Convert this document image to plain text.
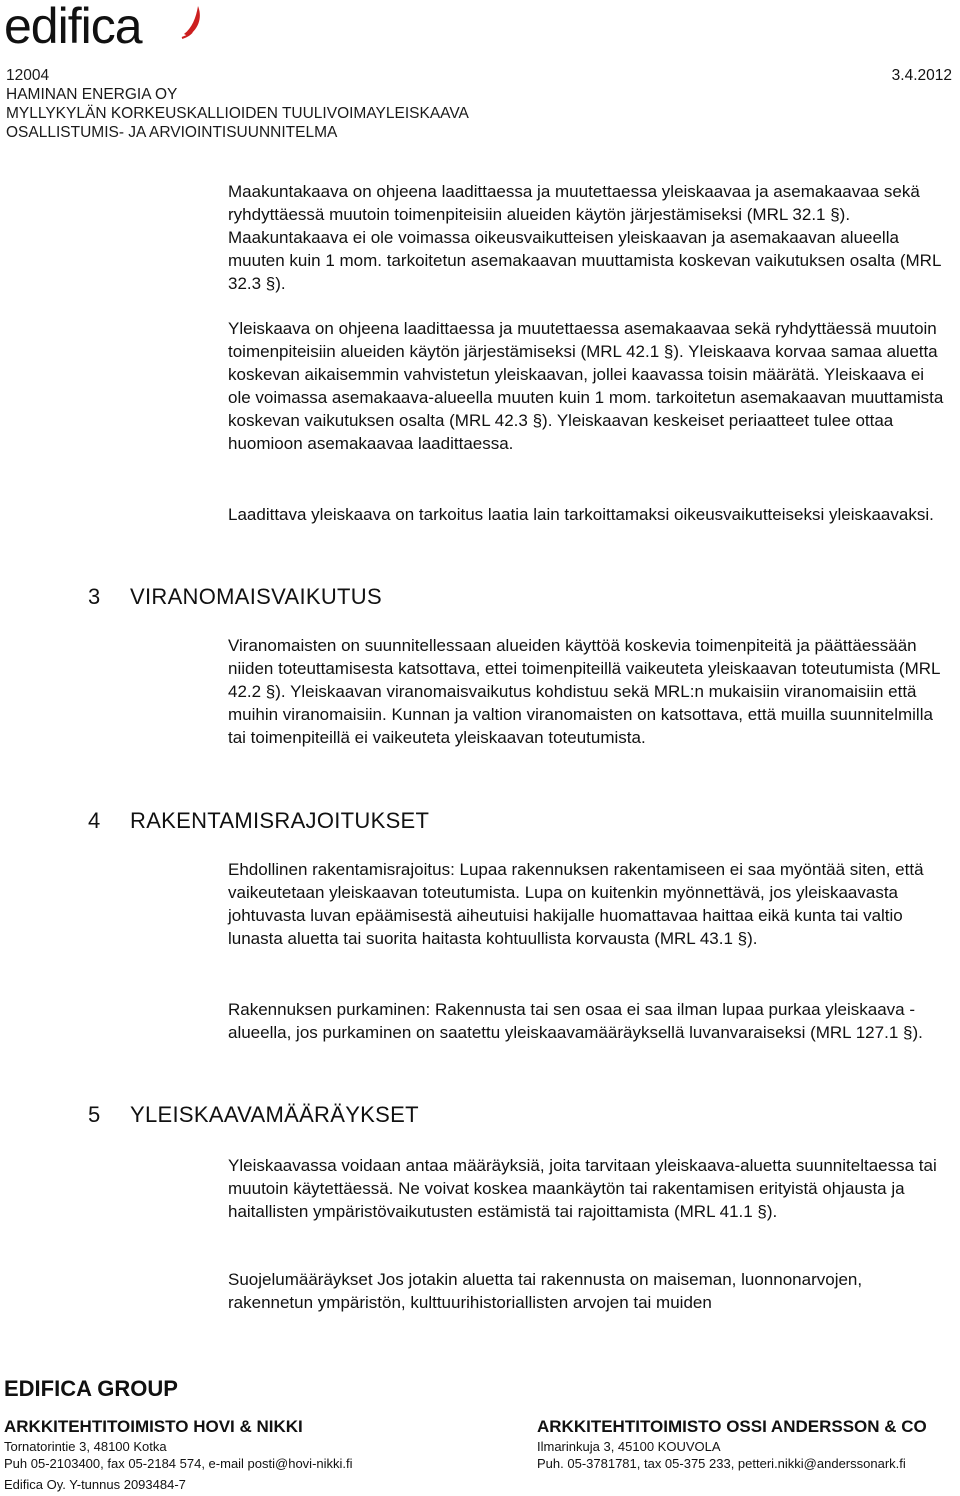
edifica
12004	3.4.2012
HAMINAN ENERGIA OY
MYLLYKYLÄN KORKEUSKALLIOIDEN TUULIVOIMAYLEISKAAVA
OSALLISTUMIS- JA ARVIOINTISUUNNITELMA

Maakuntakaava on ohjeena laadittaessa ja muutettaessa yleiskaavaa ja asemakaavaa sekä ryhdyttäessä muutoin toimenpiteisiin alueiden käytön järjestämiseksi (MRL 32.1 §). Maakuntakaava ei ole voimassa oikeusvaikutteisen yleiskaavan ja asemakaavan alueella muuten kuin 1 mom. tarkoitetun asemakaavan muuttamista koskevan vaikutuksen osalta (MRL 32.3 §).

Yleiskaava on ohjeena laadittaessa ja muutettaessa asemakaavaa sekä ryhdyttäessä muutoin toimenpiteisiin alueiden käytön järjestämiseksi (MRL 42.1 §). Yleiskaava korvaa samaa aluetta koskevan aikaisemmin vahvistetun yleiskaavan, jollei kaavassa toisin määrätä. Yleiskaava ei ole voimassa asemakaava-alueella muuten kuin 1 mom. tarkoitetun asemakaavan muuttamista koskevan vaikutuksen osalta (MRL 42.3 §). Yleiskaavan keskeiset periaatteet tulee ottaa huomioon asemakaavaa laadittaessa.

Laadittava yleiskaava on tarkoitus laatia lain tarkoittamaksi oikeusvaikutteiseksi yleiskaavaksi.

3 VIRANOMAISVAIKUTUS

Viranomaisten on suunnitellessaan alueiden käyttöä koskevia toimenpiteitä ja päättäessään niiden toteuttamisesta katsottava, ettei toimenpiteillä vaikeuteta yleiskaavan toteutumista (MRL 42.2 §). Yleiskaavan viranomaisvaikutus kohdistuu sekä MRL:n mukaisiin viranomaisiin että muihin viranomaisiin. Kunnan ja valtion viranomaisten on katsottava, että muilla suunnitelmilla tai toimenpiteillä ei vaikeuteta yleiskaavan toteutumista.

4 RAKENTAMISRAJOITUKSET

Ehdollinen rakentamisrajoitus: Lupaa rakennuksen rakentamiseen ei saa myöntää siten, että vaikeutetaan yleiskaavan toteutumista. Lupa on kuitenkin myönnettävä, jos yleiskaavasta johtuvasta luvan epäämisestä aiheutuisi hakijalle huomattavaa haittaa eikä kunta tai valtio lunasta aluetta tai suorita haitasta kohtuullista korvausta (MRL 43.1 §).

Rakennuksen purkaminen: Rakennusta tai sen osaa ei saa ilman lupaa purkaa yleiskaava -alueella, jos purkaminen on saatettu yleiskaavamääräyksellä luvanvaraiseksi (MRL 127.1 §).

5 YLEISKAAVAMÄÄRÄYKSET

Yleiskaavassa voidaan antaa määräyksiä, joita tarvitaan yleiskaava-aluetta suunniteltaessa tai muutoin käytettäessä. Ne voivat koskea maankäytön tai rakentamisen erityistä ohjausta ja haitallisten ympäristövaikutusten estämistä tai rajoittamista (MRL 41.1 §).

Suojelumääräykset Jos jotakin aluetta tai rakennusta on maiseman, luonnonarvojen, rakennetun ympäristön, kulttuurihistoriallisten arvojen tai muiden

EDIFICA GROUP
ARKKITEHTITOIMISTO HOVI & NIKKI
Tornatorintie 3, 48100 Kotka
Puh 05-2103400, fax 05-2184 574, e-mail posti@hovi-nikki.fi
ARKKITEHTITOIMISTO OSSI ANDERSSON & CO
Ilmarinkuja 3, 45100 KOUVOLA
Puh. 05-3781781, tax 05-375 233, petteri.nikki@anderssonark.fi
Edifica Oy. Y-tunnus 2093484-7
